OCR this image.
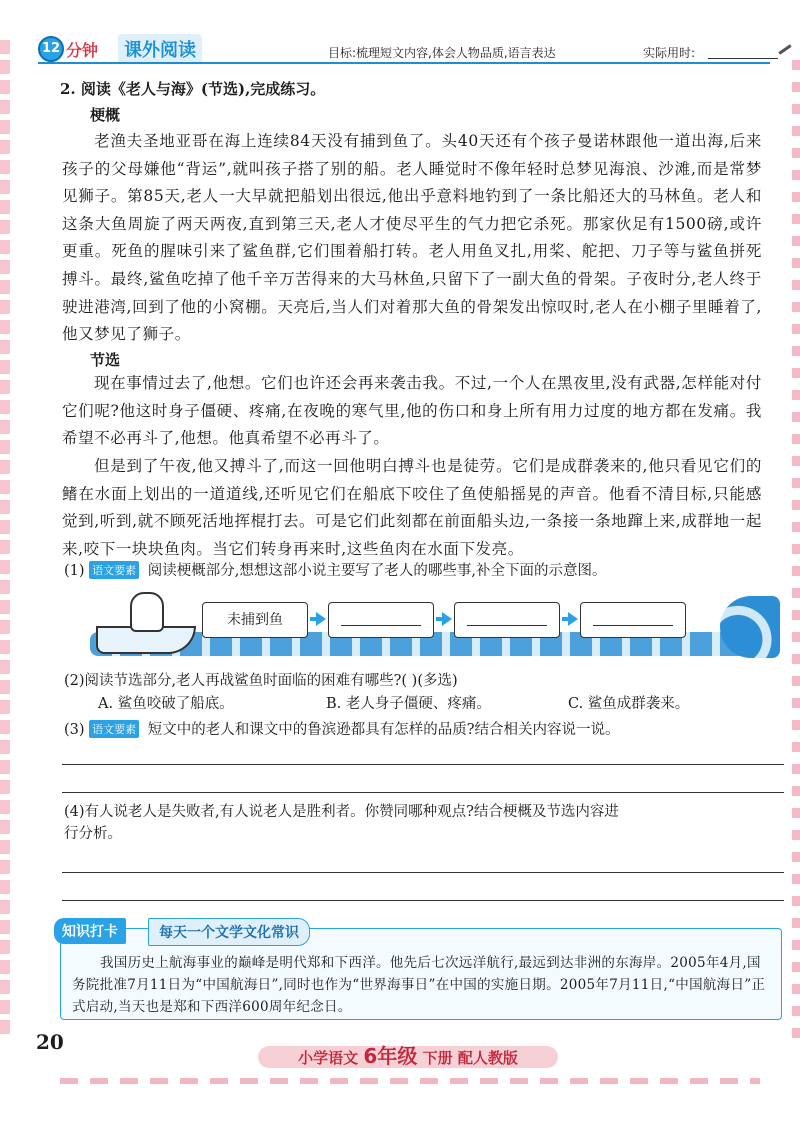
12 分钟	课外阅读	目标:梳理短文内容,体会人物品质,语言表达	实际用时:
2. 阅读《老人与海》(节选),完成练习。
梗概

老渔夫圣地亚哥在海上连续84天没有捕到鱼了。头40天还有个孩子曼诺林跟他一道出海,后来孩子的父母嫌他“背运”,就叫孩子搭了别的船。老人睡觉时不像年轻时总梦见海浪、沙滩,而是常梦见狮子。第85天,老人一大早就把船划出很远,他出乎意料地钓到了一条比船还大的马林鱼。老人和这条大鱼周旋了两天两夜,直到第三天,老人才使尽平生的气力把它杀死。那家伙足有1500磅,或许更重。死鱼的腥味引来了鲨鱼群,它们围着船打转。老人用鱼叉扎,用桨、舵把、刀子等与鲨鱼拼死搏斗。最终,鲨鱼吃掉了他千辛万苦得来的大马林鱼,只留下了一副大鱼的骨架。子夜时分,老人终于驶进港湾,回到了他的小窝棚。天亮后,当人们对着那大鱼的骨架发出惊叹时,老人在小棚子里睡着了,他又梦见了狮子。

节选

现在事情过去了,他想。它们也许还会再来袭击我。不过,一个人在黑夜里,没有武器,怎样能对付它们呢?他这时身子僵硬、疼痛,在夜晚的寒气里,他的伤口和身上所有用力过度的地方都在发痛。我希望不必再斗了,他想。他真希望不必再斗了。

但是到了午夜,他又搏斗了,而这一回他明白搏斗也是徒劳。它们是成群袭来的,他只看见它们的鳍在水面上划出的一道道线,还听见它们在船底下咬住了鱼使船摇晃的声音。他看不清目标,只能感觉到,听到,就不顾死活地挥棍打去。可是它们此刻都在前面船头边,一条接一条地蹿上来,成群地一起来,咬下一块块鱼肉。当它们转身再来时,这些鱼肉在水面下发亮。

(1) 语文要素 阅读梗概部分,想想这部小说主要写了老人的哪些事,补全下面的示意图。
未捕到鱼
(2)阅读节选部分,老人再战鲨鱼时面临的困难有哪些?( )(多选)
A. 鲨鱼咬破了船底。	B. 老人身子僵硬、疼痛。	C. 鲨鱼成群袭来。
(3) 语文要素 短文中的老人和课文中的鲁滨逊都具有怎样的品质?结合相关内容说一说。
(4)有人说老人是失败者,有人说老人是胜利者。你赞同哪种观点?结合梗概及节选内容进
行分析。
知识打卡	每天一个文学文化常识

我国历史上航海事业的巅峰是明代郑和下西洋。他先后七次远洋航行,最远到达非洲的东海岸。2005年4月,国务院批准7月11日为“中国航海日”,同时也作为“世界海事日”在中国的实施日期。2005年7月11日,“中国航海日”正式启动,当天也是郑和下西洋600周年纪念日。

20
小学语文 6年级 下册 配人教版
